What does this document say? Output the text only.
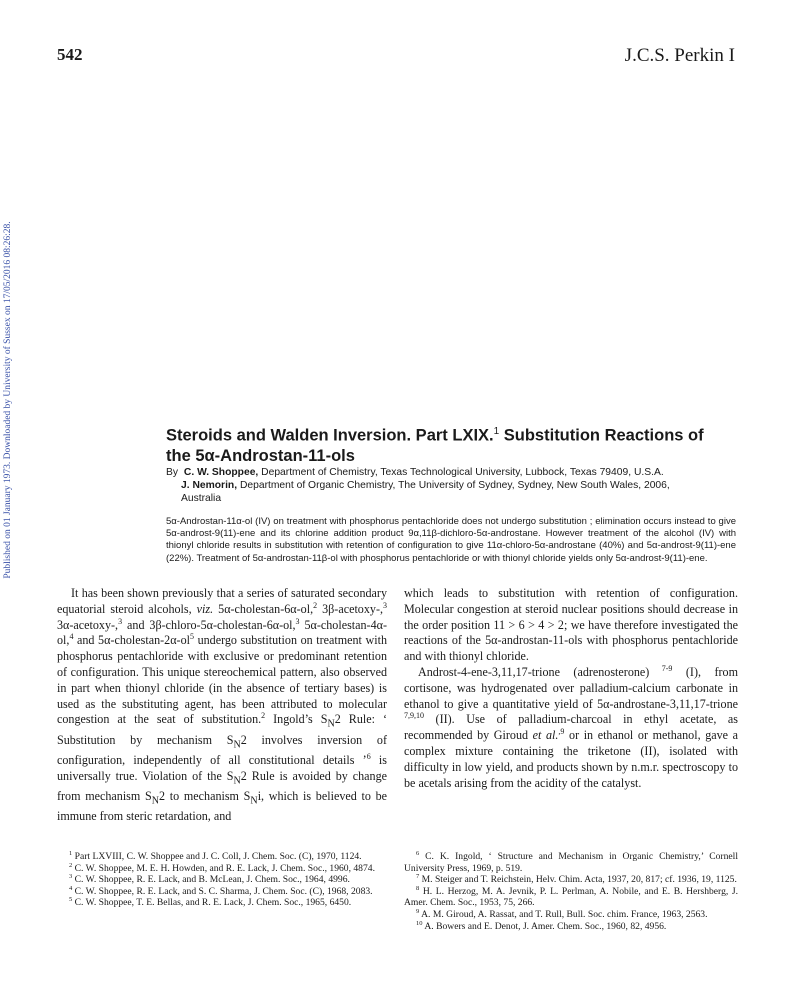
542	J.C.S. Perkin I
Published on 01 January 1973. Downloaded by University of Sussex on 17/05/2016 08:26:28.	Steroids and Walden Inversion. Part LXIX.$^1$ Substitution Reactions of
the 5α-Androstan-11-ols
By C. W. Shoppee, Department of Chemistry, Texas Technological University, Lubbock, Texas 79409, U.S.A.
J. Nemorin, Department of Organic Chemistry, The University of Sydney, Sydney, New South Wales, 2006,
Australia
5α-Androstan-11α-ol (IV) on treatment with phosphorus pentachloride does not undergo substitution ; elimination occurs instead to give 5α-androst-9(11)-ene and its chlorine addition product 9α,11β-dichloro-5α-androstane. However treatment of the alcohol (IV) with thionyl chloride results in substitution with retention of configuration to give 11α-chloro-5α-androstane (40%) and 5α-androst-9(11)-ene (22%). Treatment of 5α-androstan-11β-ol with phosphorus pentachloride or with thionyl chloride yields only 5α-androst-9(11)-ene.

It has been shown previously that a series of saturated secondary equatorial steroid alcohols, viz. 5α-cholestan-6α-ol,$^2$ 3β-acetoxy-,$^3$ 3α-acetoxy-,$^3$ and 3β-chloro-5α-cholestan-6α-ol,$^3$ 5α-cholestan-4α-ol,$^4$ and $5\alpha-cholestan-2\alpha-ol^5$ undergo substitution on treatment with phosphorus pentachloride with exclusive or predominant retention of configuration. This unique stereochemical pattern, also observed in part when thionyl chloride (in the absence of tertiary bases) is used as the substituting agent, has been attributed to molecular congestion at the seat of substitution.$^2$ Ingold’s $S_N2$ Rule: ‘ Substitution by mechanism $S_N2$ involves inversion of configuration, independently of all constitutional details ’$^6$ is universally true. Violation of the $S_N2$ Rule is avoided by change from mechanism $S_N2$ to mechanism $S_Ni$, which is believed to be immune from steric retardation, and

which leads to substitution with retention of configuration. Molecular congestion at steroid nuclear positions should decrease in the order position 11 > 6 > 4 > 2; we have therefore investigated the reactions of the 5α-androstan-11-ols with phosphorus pentachloride and with thionyl chloride.

Androst-4-ene-3,11,17-trione (adrenosterone) $^{7-9}$ (I), from cortisone, was hydrogenated over palladium-calcium carbonate in ethanol to give a quantitative yield of 5α-androstane-3,11,17-trione $^{7,9,10}$ (II). Use of palladium-charcoal in ethyl acetate, as recommended by Giroud et al.$^{,9}$ or in ethanol or methanol, gave a complex mixture containing the triketone (II), isolated with difficulty in low yield, and products shown by n.m.r. spectroscopy to be acetals arising from the acidity of the catalyst.

$^1$ Part LXVIII, C. W. Shoppee and J. C. Coll, J. Chem. Soc. (C), 1970, 1124.

$^2$ C. W. Shoppee, M. E. H. Howden, and R. E. Lack, J. Chem. Soc., 1960, 4874.

$^3$ C. W. Shoppee, R. E. Lack, and B. McLean, J. Chem. Soc., 1964, 4996.

$^4$ C. W. Shoppee, R. E. Lack, and S. C. Sharma, J. Chem. Soc. (C), 1968, 2083.

$^5$ C. W. Shoppee, T. E. Bellas, and R. E. Lack, J. Chem. Soc., 1965, 6450.

$^6$ C. K. Ingold, ‘ Structure and Mechanism in Organic Chemistry,’ Cornell University Press, 1969, p. 519.

$^7$ M. Steiger and T. Reichstein, Helv. Chim. Acta, 1937, 20, 817; cf. 1936, 19, 1125.

$^8$ H. L. Herzog, M. A. Jevnik, P. L. Perlman, A. Nobile, and E. B. Hershberg, J. Amer. Chem. Soc., 1953, 75, 266.

$^9$ A. M. Giroud, A. Rassat, and T. Rull, Bull. Soc. chim. France, 1963, 2563.

$^{10}$ A. Bowers and E. Denot, J. Amer. Chem. Soc., 1960, 82, 4956.
